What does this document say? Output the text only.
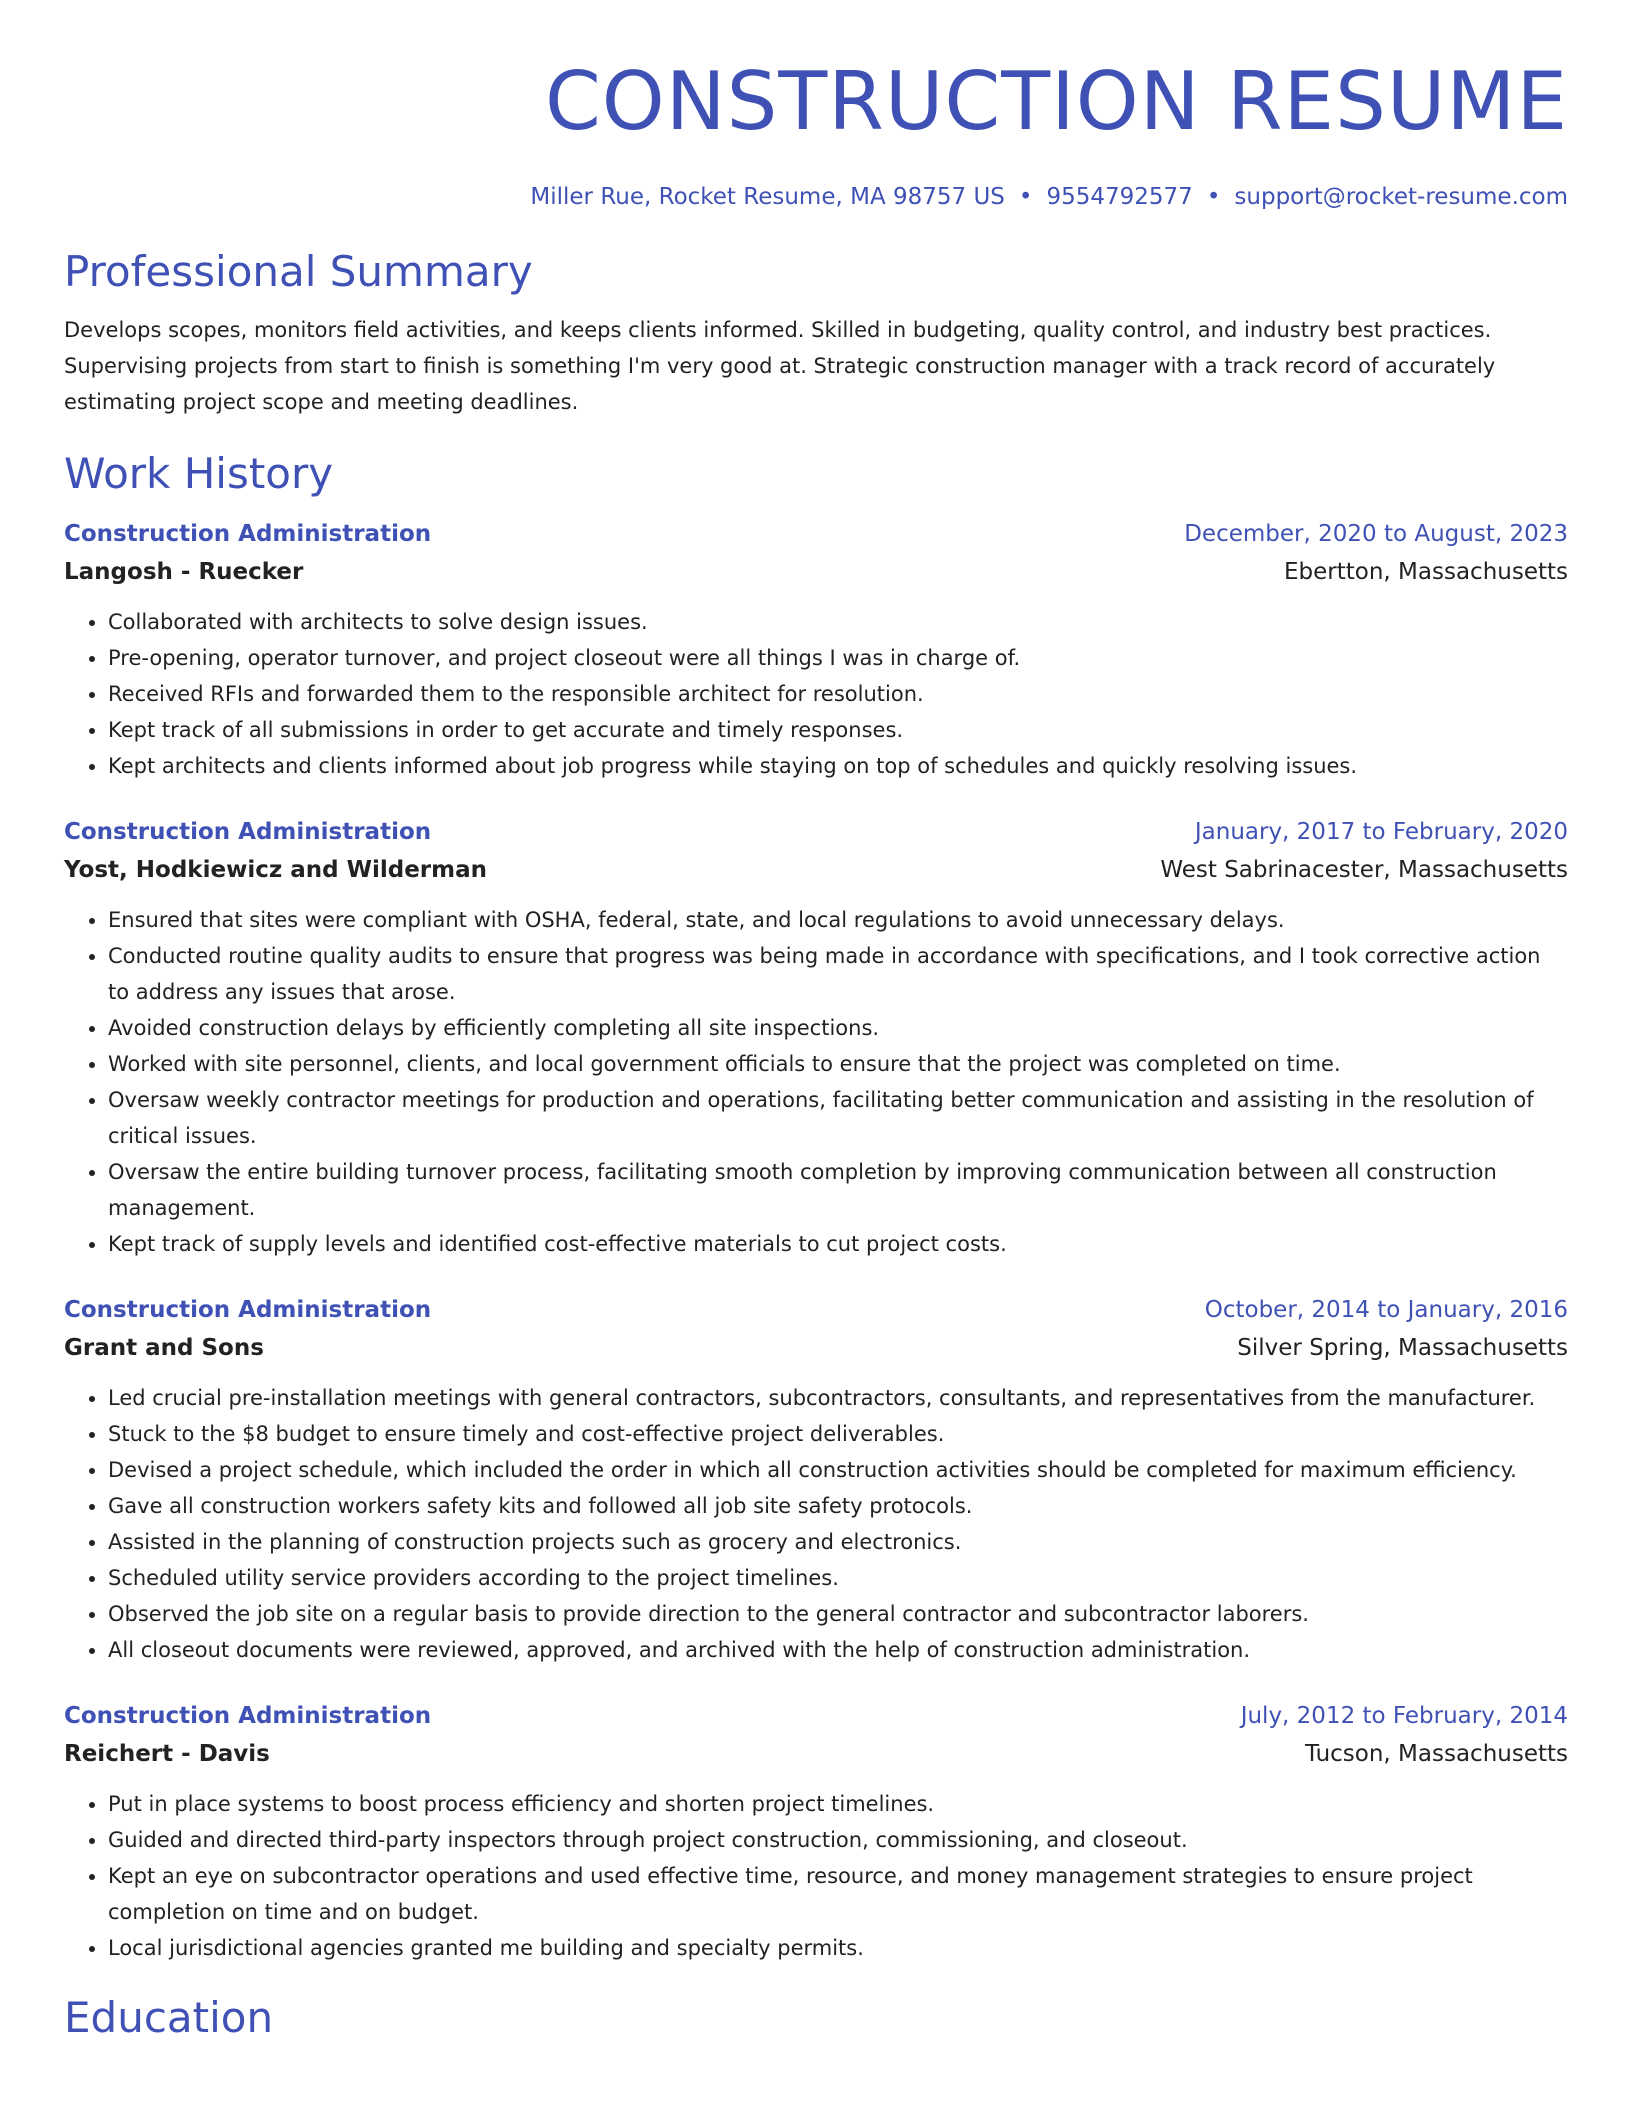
CONSTRUCTION RESUME
Miller Rue, Rocket Resume, MA 98757 US • 9554792577 • support@rocket-resume.com
Professional Summary

Develops scopes, monitors field activities, and keeps clients informed. Skilled in budgeting, quality control, and industry best practices. Supervising projects from start to finish is something I'm very good at. Strategic construction manager with a track record of accurately estimating project scope and meeting deadlines.

Work History
Construction Administration	December, 2020 to August, 2023
Langosh - Ruecker	Ebertton, Massachusetts
• Collaborated with architects to solve design issues.
• Pre-opening, operator turnover, and project closeout were all things I was in charge of.
• Received RFIs and forwarded them to the responsible architect for resolution.
• Kept track of all submissions in order to get accurate and timely responses.
• Kept architects and clients informed about job progress while staying on top of schedules and quickly resolving issues.
Construction Administration	January, 2017 to February, 2020
Yost, Hodkiewicz and Wilderman	West Sabrinacester, Massachusetts
• Ensured that sites were compliant with OSHA, federal, state, and local regulations to avoid unnecessary delays.
• Conducted routine quality audits to ensure that progress was being made in accordance with specifications, and I took corrective action to address any issues that arose.
• Avoided construction delays by efficiently completing all site inspections.
• Worked with site personnel, clients, and local government officials to ensure that the project was completed on time.
• Oversaw weekly contractor meetings for production and operations, facilitating better communication and assisting in the resolution of critical issues.
• Oversaw the entire building turnover process, facilitating smooth completion by improving communication between all construction management.
• Kept track of supply levels and identified cost-effective materials to cut project costs.
Construction Administration	October, 2014 to January, 2016
Grant and Sons	Silver Spring, Massachusetts
• Led crucial pre-installation meetings with general contractors, subcontractors, consultants, and representatives from the manufacturer.
• Stuck to the $8 budget to ensure timely and cost-effective project deliverables.
• Devised a project schedule, which included the order in which all construction activities should be completed for maximum efficiency.
• Gave all construction workers safety kits and followed all job site safety protocols.
• Assisted in the planning of construction projects such as grocery and electronics.
• Scheduled utility service providers according to the project timelines.
• Observed the job site on a regular basis to provide direction to the general contractor and subcontractor laborers.
• All closeout documents were reviewed, approved, and archived with the help of construction administration.
Construction Administration	July, 2012 to February, 2014
Reichert - Davis	Tucson, Massachusetts
• Put in place systems to boost process efficiency and shorten project timelines.
• Guided and directed third-party inspectors through project construction, commissioning, and closeout.
• Kept an eye on subcontractor operations and used effective time, resource, and money management strategies to ensure project completion on time and on budget.
• Local jurisdictional agencies granted me building and specialty permits.
Education
